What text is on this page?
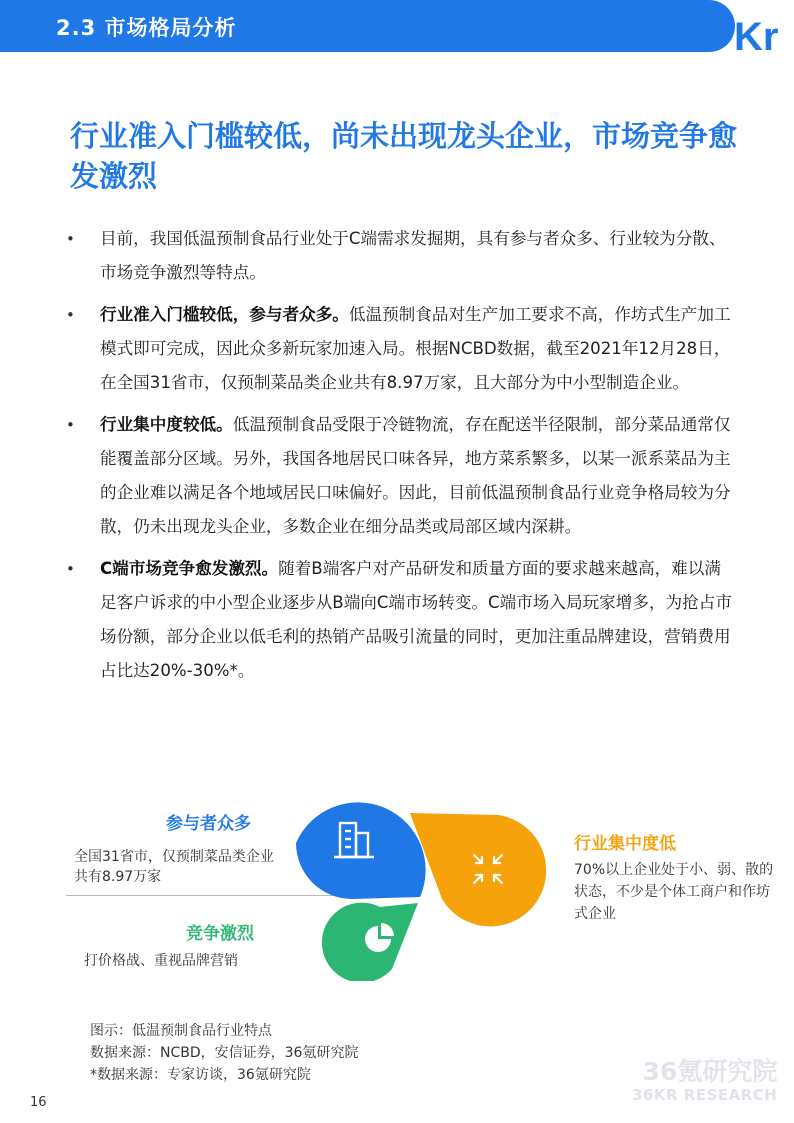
2.3 市场格局分析	36 Kr
行业准入门槛较低，尚未出现龙头企业，市场竞争愈发激烈
•	目前，我国低温预制食品行业处于C端需求发掘期，具有参与者众多、行业较为分散、市场竞争激烈等特点。
•	行业准入门槛较低，参与者众多。低温预制食品对生产加工要求不高，作坊式生产加工模式即可完成，因此众多新玩家加速入局。根据NCBD数据，截至2021年12月28日，在全国31省市，仅预制菜品类企业共有8.97万家，且大部分为中小型制造企业。
•	行业集中度较低。低温预制食品受限于冷链物流，存在配送半径限制，部分菜品通常仅能覆盖部分区域。另外，我国各地居民口味各异，地方菜系繁多，以某一派系菜品为主的企业难以满足各个地域居民口味偏好。因此，目前低温预制食品行业竞争格局较为分散，仍未出现龙头企业，多数企业在细分品类或局部区域内深耕。
•	C端市场竞争愈发激烈。随着B端客户对产品研发和质量方面的要求越来越高，难以满足客户诉求的中小型企业逐步从B端向C端市场转变。C端市场入局玩家增多，为抢占市场份额，部分企业以低毛利的热销产品吸引流量的同时，更加注重品牌建设，营销费用占比达20%-30%*。
参与者众多
全国31省市，仅预制菜品类企业共有8.97万家
竞争激烈
打价格战、重视品牌营销
行业集中度低
70%以上企业处于小、弱、散的状态，不少是个体工商户和作坊式企业
图示：低温预制食品行业特点
数据来源：NCBD，安信证券，36氪研究院
*数据来源：专家访谈，36氪研究院	36氪研究院
36KR RESEARCH
16
